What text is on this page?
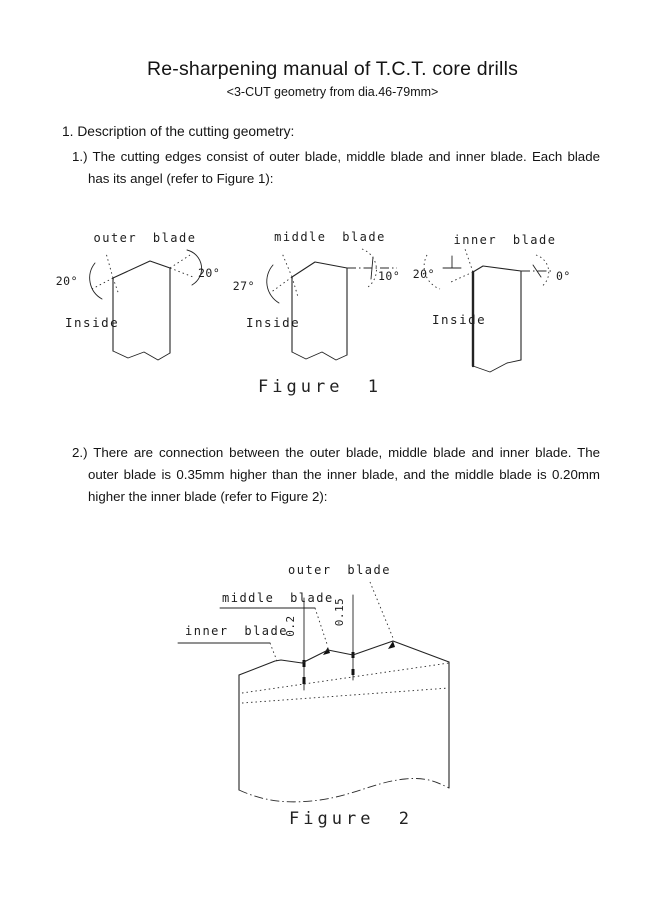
Re-sharpening manual of T.C.T. core drills
<3-CUT geometry from dia.46-79mm>
1. Description of the cutting geometry:
1.) The cutting edges consist of outer blade, middle blade and inner blade. Each blade has its angel (refer to Figure 1):
outer blade
20°
20°
Inside
middle blade
27°
10°
Inside
inner blade
20°	0°
Inside
Figure 1
2.) There are connection between the outer blade, middle blade and inner blade. The outer blade is 0.35mm higher than the inner blade, and the middle blade is 0.20mm higher the inner blade (refer to Figure 2):
outer blade
middle blade
inner blade
0.2	0.15
Figure 2
